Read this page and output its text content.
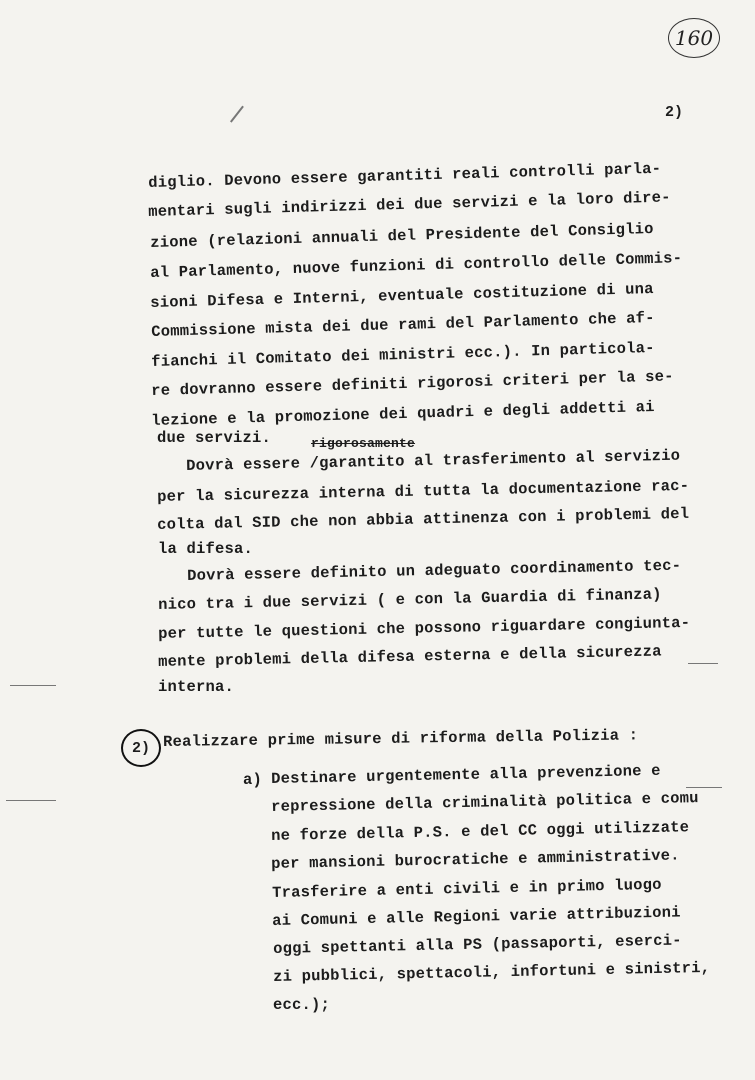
160
2)
diglio. Devono essere garantiti reali controlli parla-
mentari sugli indirizzi dei due servizi e la loro dire-
zione (relazioni annuali del Presidente del Consiglio
al Parlamento, nuove funzioni di controllo delle Commis-
sioni Difesa e Interni, eventuale costituzione di una
Commissione mista dei due rami del Parlamento che af-
fianchi il Comitato dei ministri ecc.). In particola-
re dovranno essere definiti rigorosi criteri per la se-
lezione e la promozione dei quadri e degli addetti ai
due servizi.	rigorosamente
Dovrà essere /garantito al trasferimento al servizio
per la sicurezza interna di tutta la documentazione rac-
colta dal SID che non abbia attinenza con i problemi del
la difesa.
Dovrà essere definito un adeguato coordinamento tec-
nico tra i due servizi ( e con la Guardia di finanza)
per tutte le questioni che possono riguardare congiunta-
mente problemi della difesa esterna e della sicurezza
interna.
2) Realizzare prime misure di riforma della Polizia :
a) Destinare urgentemente alla prevenzione e
repressione della criminalità politica e comu
ne forze della P.S. e del CC oggi utilizzate
per mansioni burocratiche e amministrative.
Trasferire a enti civili e in primo luogo
ai Comuni e alle Regioni varie attribuzioni
oggi spettanti alla PS (passaporti, eserci-
zi pubblici, spettacoli, infortuni e sinistri,
ecc.);
